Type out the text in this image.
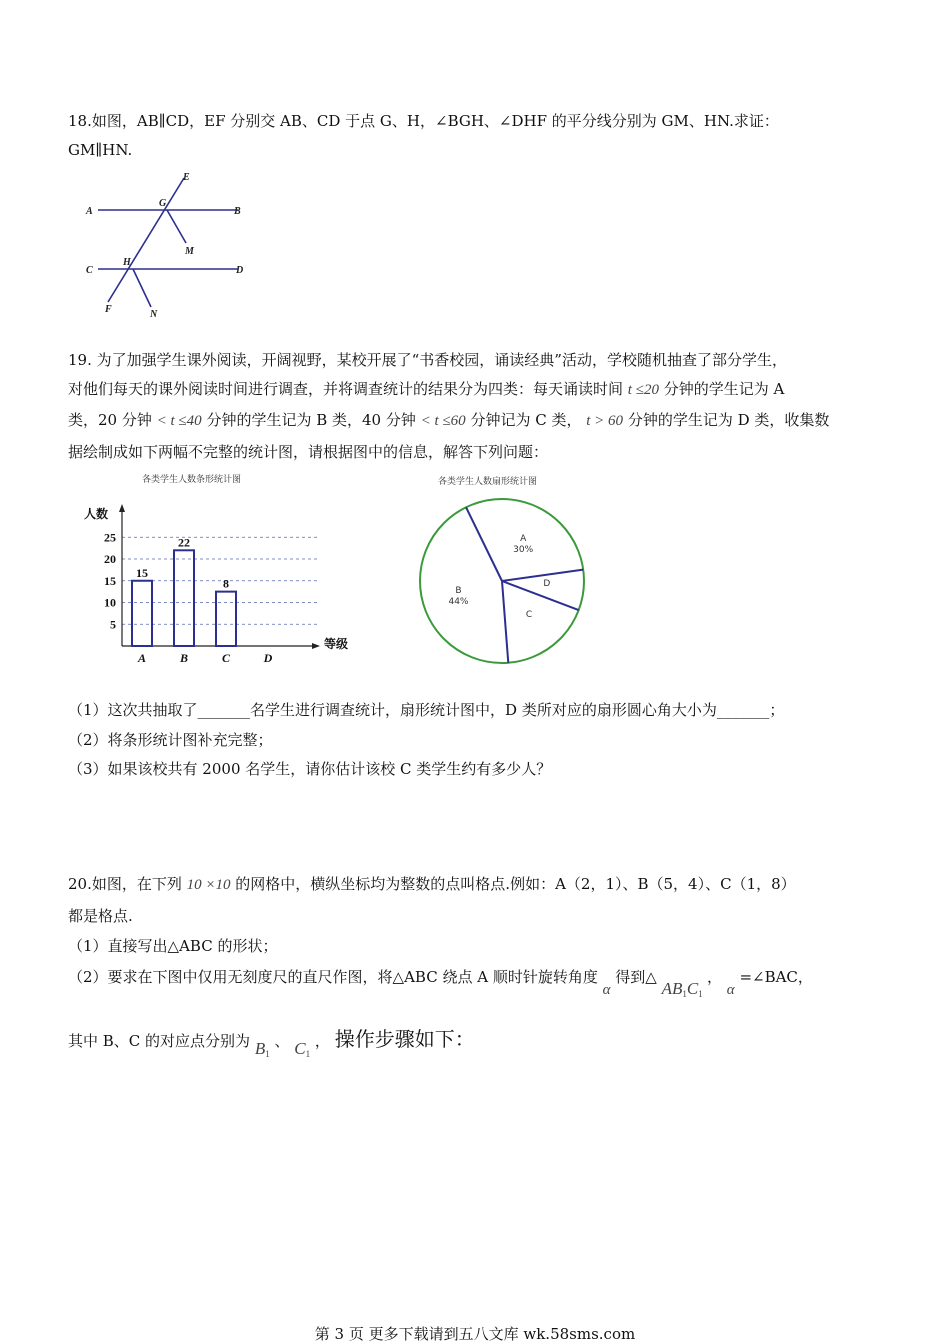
18.如图，AB∥CD，EF 分别交 AB、CD 于点 G、H，∠BGH、∠DHF 的平分线分别为 GM、HN.求证：
GM∥HN.
A	B
C	D
E
F
G
H
M
N
19. 为了加强学生课外阅读，开阔视野，某校开展了“书香校园，诵读经典”活动，学校随机抽查了部分学生，
对他们每天的课外阅读时间进行调查，并将调查统计的结果分为四类：每天诵读时间 t ≤20 分钟的学生记为 A
类，20 分钟 < t ≤40 分钟的学生记为 B 类，40 分钟 < t ≤60 分钟记为 C 类， t > 60 分钟的学生记为 D 类，收集数
据绘制成如下两幅不完整的统计图，请根据图中的信息，解答下列问题：
各类学生人数条形统计图
人数
等级
5
10
15
20
25
15
A
22
B
8
C	D
各类学生人数扇形统计图
A
30%
D
C
B
44%
（1）这次共抽取了_______名学生进行调查统计，扇形统计图中，D 类所对应的扇形圆心角大小为_______；
（2）将条形统计图补充完整；
（3）如果该校共有 2000 名学生，请你估计该校 C 类学生约有多少人？
20.如图，在下列 10 ×10 的网格中，横纵坐标均为整数的点叫格点.例如：A（2，1）、B（5，4）、C（1，8）
都是格点.
（1）直接写出△ABC 的形状；
（2）要求在下图中仅用无刻度尺的直尺作图，将△ABC 绕点 A 顺时针旋转角度 α 得到△ $AB_1C_1$ ， α =∠BAC，
其中 B、C 的对应点分别为 $B_1$ 、 $C_1$ ， 操作步骤如下：
第 3 页 更多下载请到五八文库 wk.58sms.com
